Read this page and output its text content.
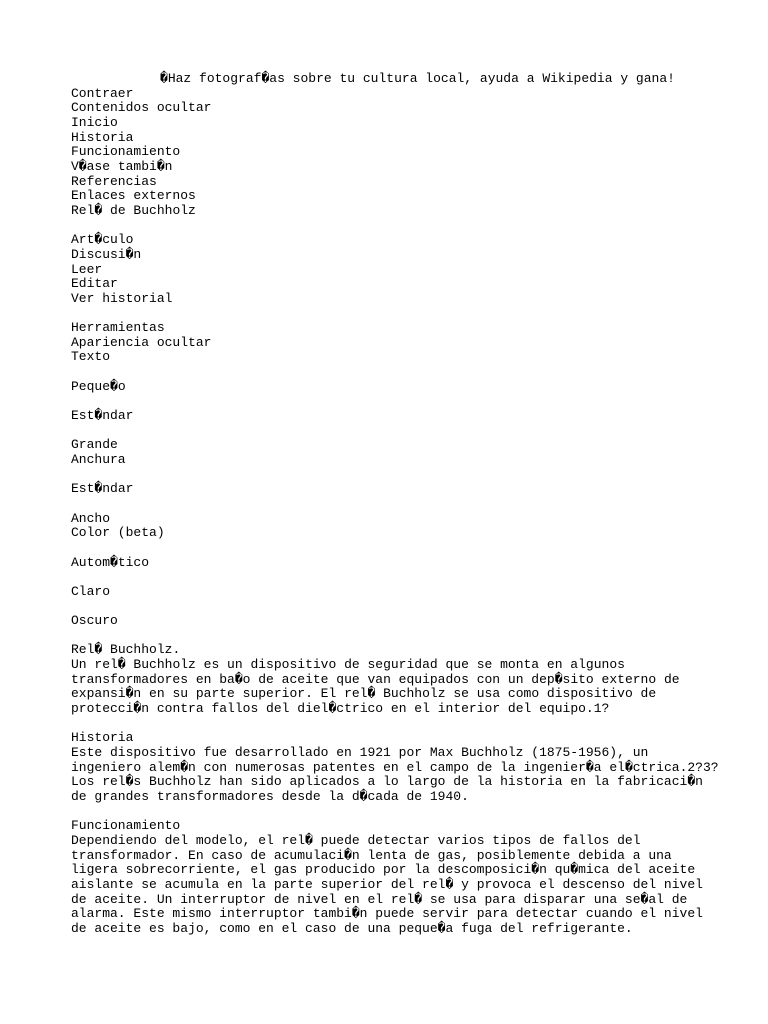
�Haz fotograf�as sobre tu cultura local, ayuda a Wikipedia y gana!
Contraer
Contenidos ocultar
Inicio
Historia
Funcionamiento
V�ase tambi�n
Referencias
Enlaces externos
Rel� de Buchholz
Art�culo
Discusi�n
Leer
Editar
Ver historial
Herramientas
Apariencia ocultar
Texto
Peque�o
Est�ndar
Grande
Anchura
Est�ndar
Ancho
Color (beta)
Autom�tico
Claro
Oscuro
Rel� Buchholz.
Un rel� Buchholz es un dispositivo de seguridad que se monta en algunos
transformadores en ba�o de aceite que van equipados con un dep�sito externo de
expansi�n en su parte superior. El rel� Buchholz se usa como dispositivo de
protecci�n contra fallos del diel�ctrico en el interior del equipo.1?
Historia
Este dispositivo fue desarrollado en 1921 por Max Buchholz (1875-1956), un
ingeniero alem�n con numerosas patentes en el campo de la ingenier�a el�ctrica.2?3?
Los rel�s Buchholz han sido aplicados a lo largo de la historia en la fabricaci�n
de grandes transformadores desde la d�cada de 1940.
Funcionamiento
Dependiendo del modelo, el rel� puede detectar varios tipos de fallos del
transformador. En caso de acumulaci�n lenta de gas, posiblemente debida a una
ligera sobrecorriente, el gas producido por la descomposici�n qu�mica del aceite
aislante se acumula en la parte superior del rel� y provoca el descenso del nivel
de aceite. Un interruptor de nivel en el rel� se usa para disparar una se�al de
alarma. Este mismo interruptor tambi�n puede servir para detectar cuando el nivel
de aceite es bajo, como en el caso de una peque�a fuga del refrigerante.
